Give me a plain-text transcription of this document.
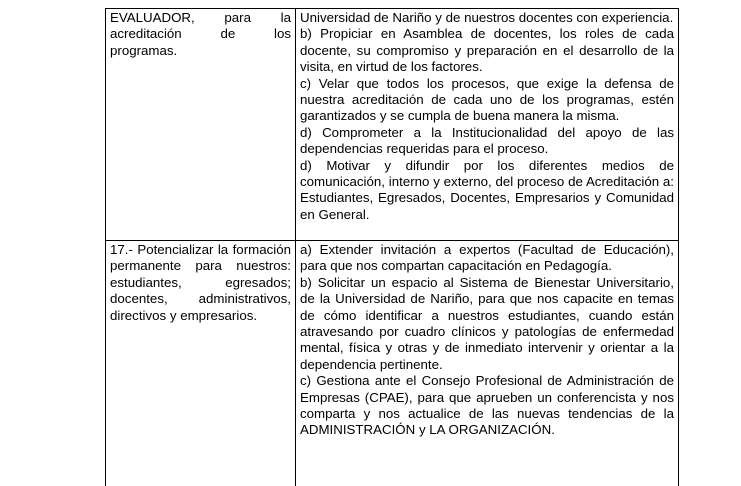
EVALUADOR, para la acreditación de los programas.	Universidad de Nariño y de nuestros docentes con experiencia.

b) Propiciar en Asamblea de docentes, los roles de cada docente, su compromiso y preparación en el desarrollo de la visita, en virtud de los factores.

c) Velar que todos los procesos, que exige la defensa de nuestra acreditación de cada uno de los programas, estén garantizados y se cumpla de buena manera la misma.

d) Comprometer a la Institucionalidad del apoyo de las dependencias requeridas para el proceso.

d) Motivar y difundir por los diferentes medios de comunicación, interno y externo, del proceso de Acreditación a: Estudiantes, Egresados, Docentes, Empresarios y Comunidad en General.

17.- Potencializar la formación permanente para nuestros: estudiantes, egresados; docentes, administrativos, directivos y empresarios.	a) Extender invitación a expertos (Facultad de Educación), para que nos compartan capacitación en Pedagogía.

b) Solicitar un espacio al Sistema de Bienestar Universitario, de la Universidad de Nariño, para que nos capacite en temas de cómo identificar a nuestros estudiantes, cuando están atravesando por cuadro clínicos y patologías de enfermedad mental, física y otras y de inmediato intervenir y orientar a la dependencia pertinente.

c) Gestiona ante el Consejo Profesional de Administración de Empresas (CPAE), para que aprueben un conferencista y nos comparta y nos actualice de las nuevas tendencias de la ADMINISTRACIÓN y LA ORGANIZACIÓN.
